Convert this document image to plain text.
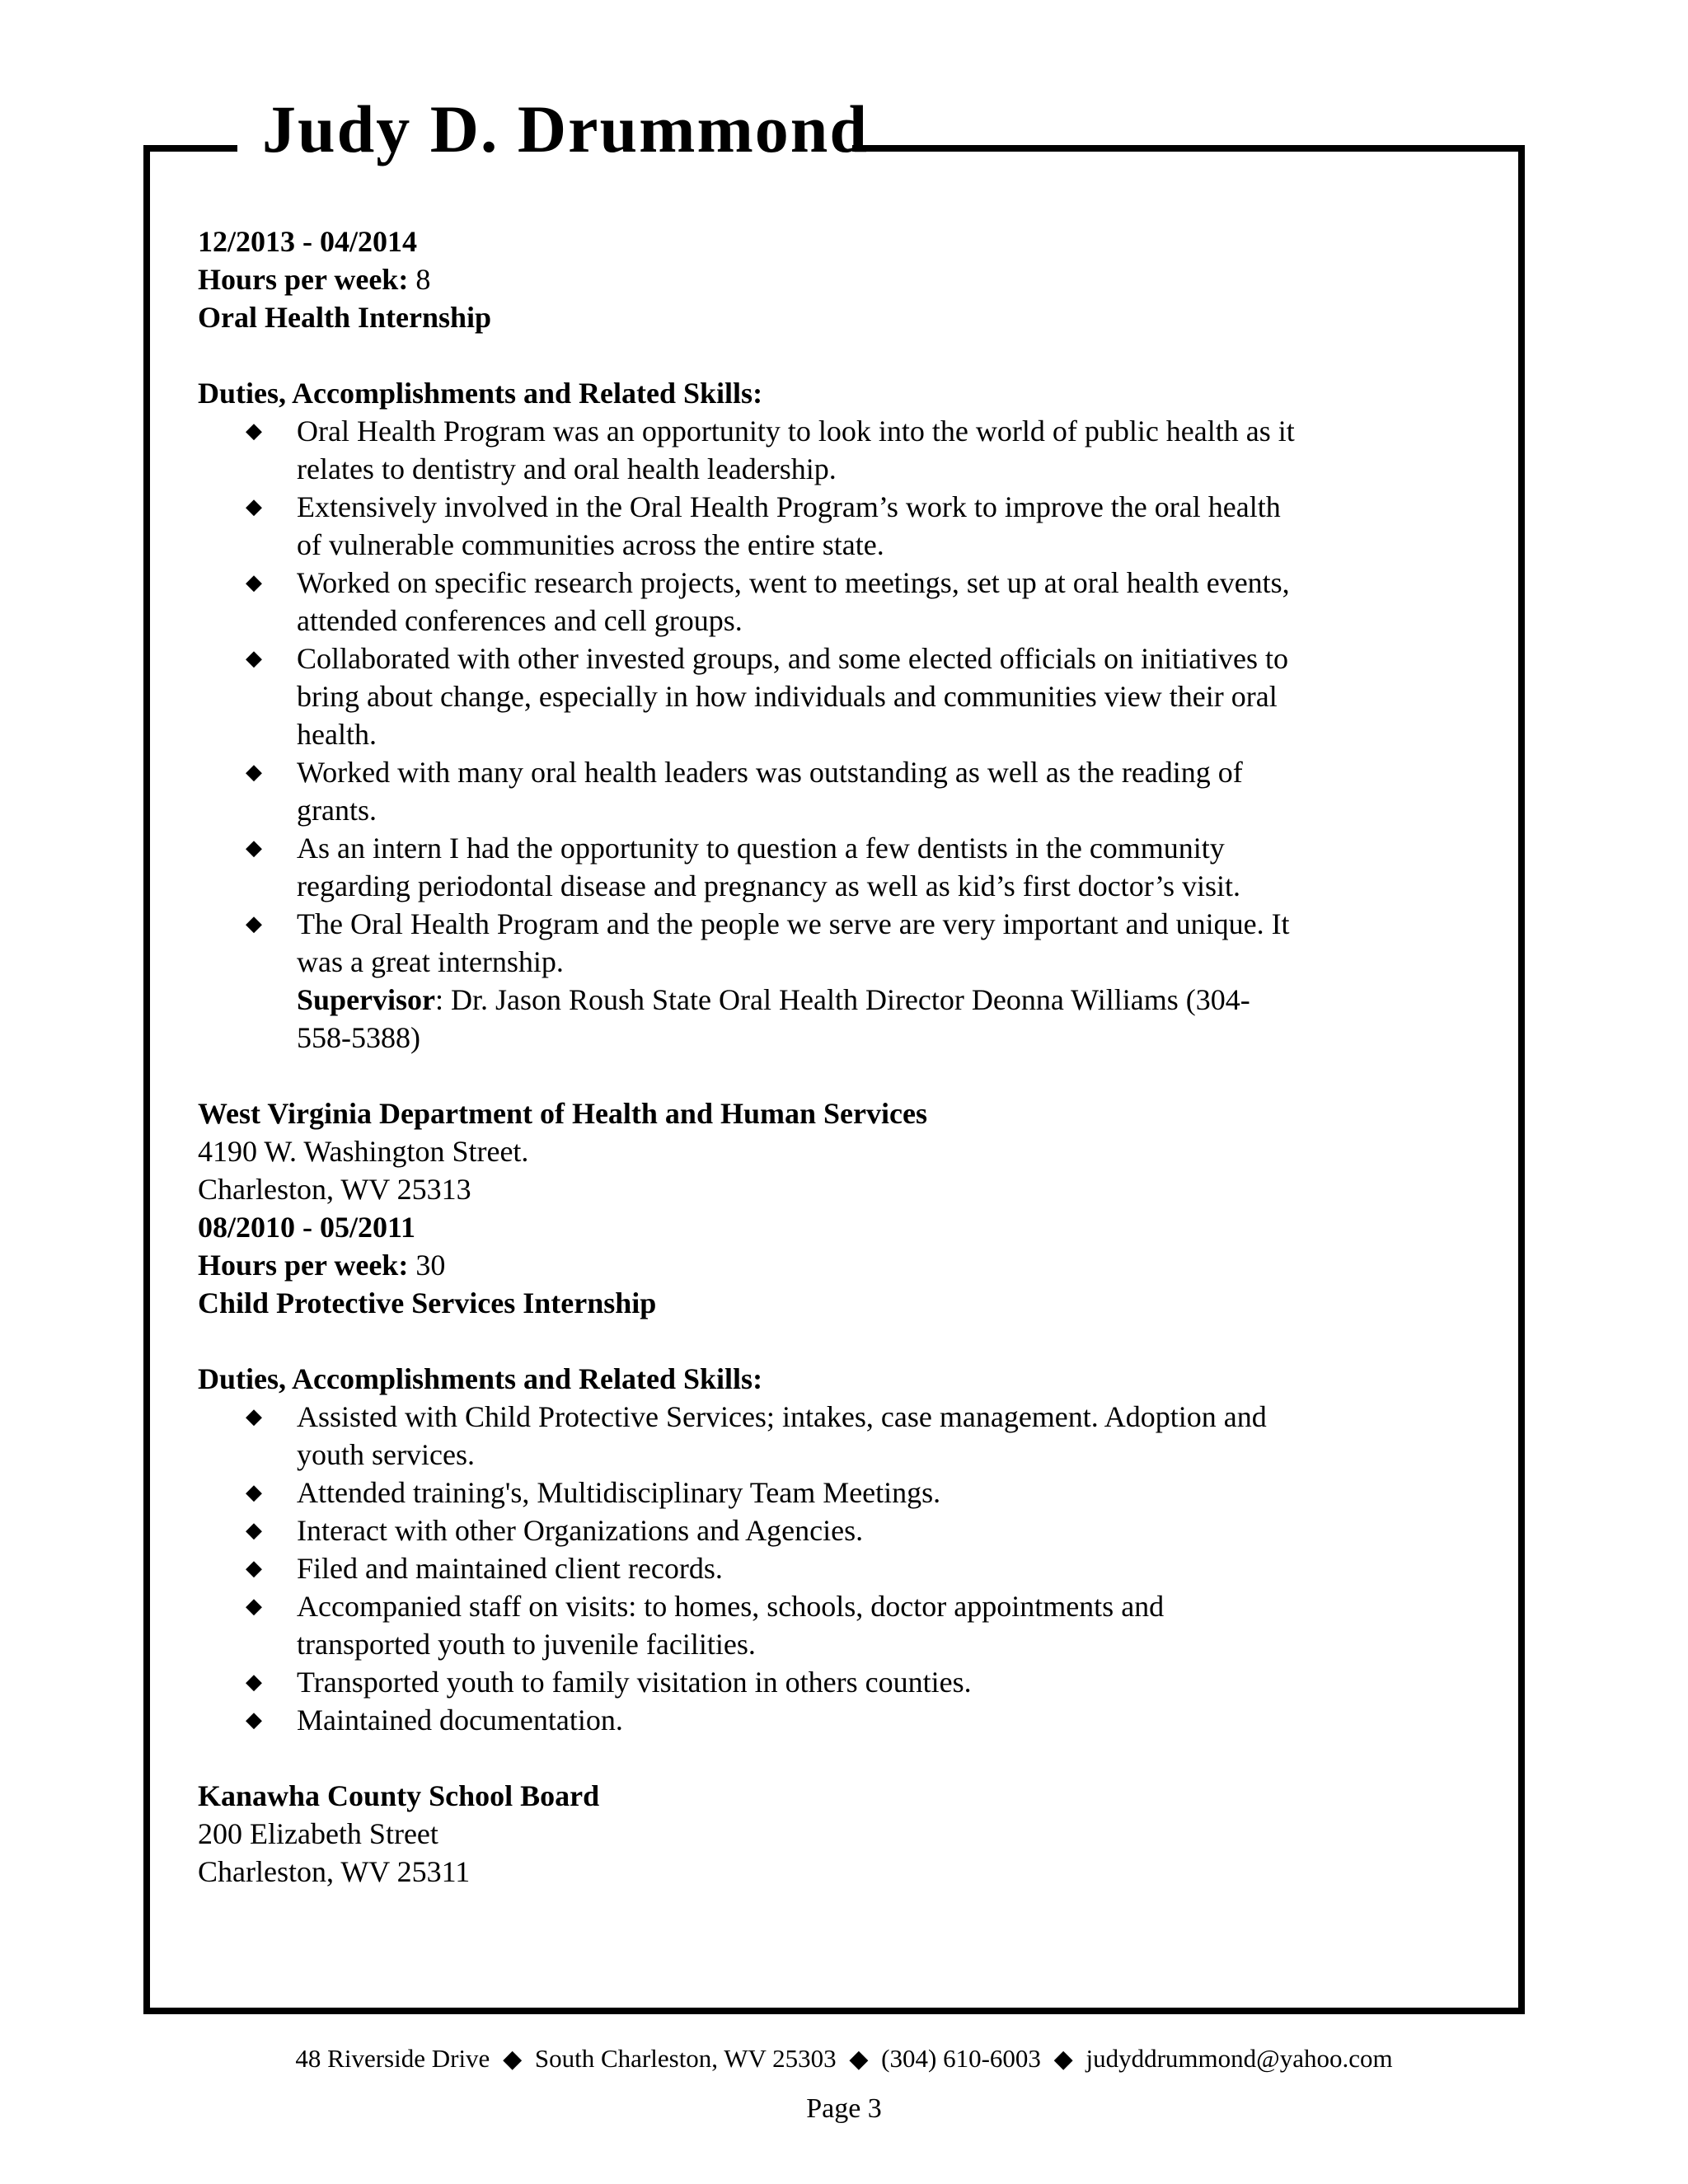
Judy D. Drummond
12/2013 - 04/2014
Hours per week: 8
Oral Health Internship
Duties, Accomplishments and Related Skills:
◆ Oral Health Program was an opportunity to look into the world of public health as it
relates to dentistry and oral health leadership.
◆ Extensively involved in the Oral Health Program’s work to improve the oral health
of vulnerable communities across the entire state.
◆ Worked on specific research projects, went to meetings, set up at oral health events,
attended conferences and cell groups.
◆ Collaborated with other invested groups, and some elected officials on initiatives to
bring about change, especially in how individuals and communities view their oral
health.
◆ Worked with many oral health leaders was outstanding as well as the reading of
grants.
◆ As an intern I had the opportunity to question a few dentists in the community
regarding periodontal disease and pregnancy as well as kid’s first doctor’s visit.
◆ The Oral Health Program and the people we serve are very important and unique. It
was a great internship.
Supervisor: Dr. Jason Roush State Oral Health Director Deonna Williams (304-
558-5388)
West Virginia Department of Health and Human Services
4190 W. Washington Street.
Charleston, WV 25313
08/2010 - 05/2011
Hours per week: 30
Child Protective Services Internship
Duties, Accomplishments and Related Skills:
◆ Assisted with Child Protective Services; intakes, case management. Adoption and
youth services.
◆ Attended training's, Multidisciplinary Team Meetings.
◆ Interact with other Organizations and Agencies.
◆ Filed and maintained client records.
◆ Accompanied staff on visits: to homes, schools, doctor appointments and
transported youth to juvenile facilities.
◆ Transported youth to family visitation in others counties.
◆ Maintained documentation.
Kanawha County School Board
200 Elizabeth Street
Charleston, WV 25311
48 Riverside Drive ◆ South Charleston, WV 25303 ◆ (304) 610-6003 ◆ judyddrummond@yahoo.com
Page 3
